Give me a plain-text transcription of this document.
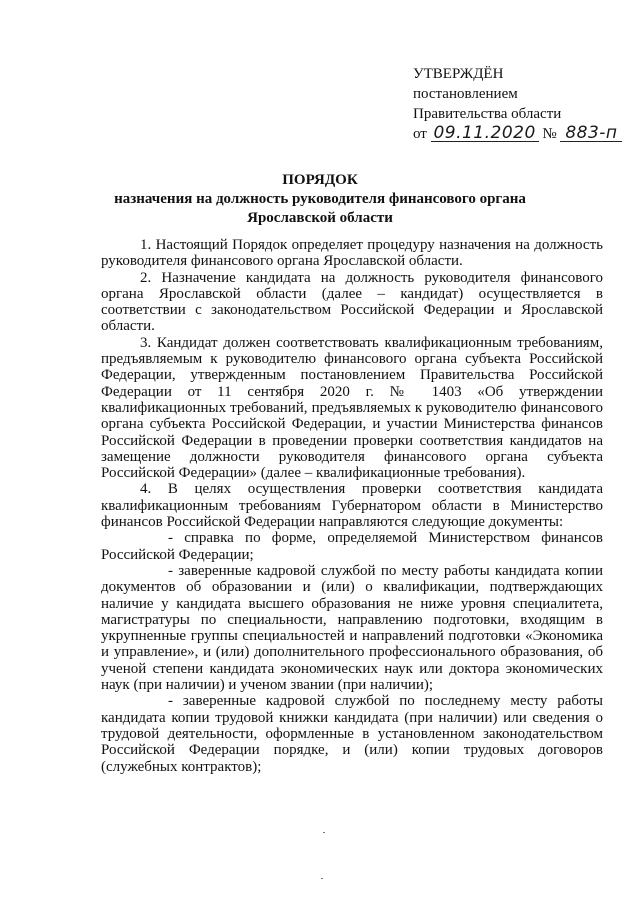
УТВЕРЖДЁН
постановлением
Правительства области
от 09.11.2020 № 883-п
ПОРЯДОК
назначения на должность руководителя финансового органа
Ярославской области

1. Настоящий Порядок определяет процедуру назначения на должность руководителя финансового органа Ярославской области.

2. Назначение кандидата на должность руководителя финансового органа Ярославской области (далее – кандидат) осуществляется в соответствии с законодательством Российской Федерации и Ярославской области.

3. Кандидат должен соответствовать квалификационным требованиям, предъявляемым к руководителю финансового органа субъекта Российской Федерации, утвержденным постановлением Правительства Российской Федерации от 11 сентября 2020 г. № 1403 «Об утверждении квалификационных требований, предъявляемых к руководителю финансового органа субъекта Российской Федерации, и участии Министерства финансов Российской Федерации в проведении проверки соответствия кандидатов на замещение должности руководителя финансового органа субъекта Российской Федерации» (далее – квалификационные требования).

4. В целях осуществления проверки соответствия кандидата квалификационным требованиям Губернатором области в Министерство финансов Российской Федерации направляются следующие документы:

- справка по форме, определяемой Министерством финансов Российской Федерации;

- заверенные кадровой службой по месту работы кандидата копии документов об образовании и (или) о квалификации, подтверждающих наличие у кандидата высшего образования не ниже уровня специалитета, магистратуры по специальности, направлению подготовки, входящим в укрупненные группы специальностей и направлений подготовки «Экономика и управление», и (или) дополнительного профессионального образования, об ученой степени кандидата экономических наук или доктора экономических наук (при наличии) и ученом звании (при наличии);

- заверенные кадровой службой по последнему месту работы кандидата копии трудовой книжки кандидата (при наличии) или сведения о трудовой деятельности, оформленные в установленном законодательством Российской Федерации порядке, и (или) копии трудовых договоров (служебных контрактов);
